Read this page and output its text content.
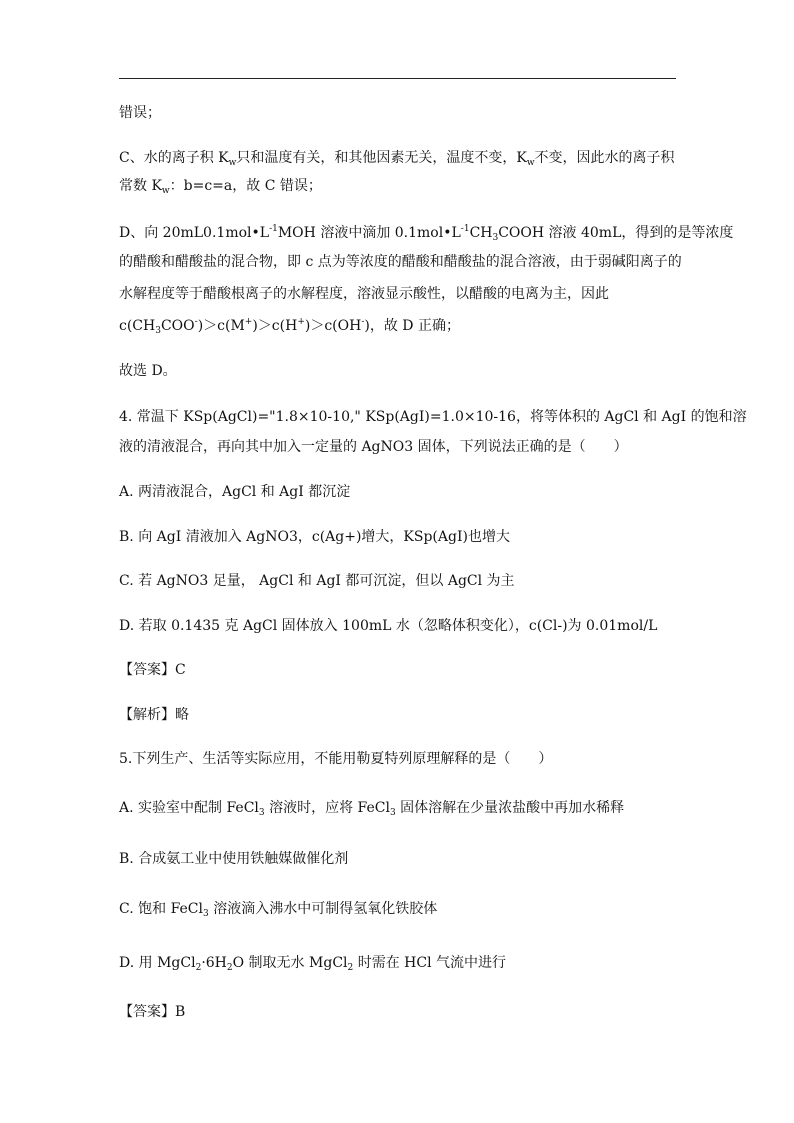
错误；
C、水的离子积 $K_w$只和温度有关，和其他因素无关，温度不变，$K_w$不变，因此水的离子积
常数 $K_w$：b=c=a，故 C 错误；
D、向 $20mL0.1mol•L^{-1}MOH$ 溶液中滴加 $0.1mol•L^{-1}CH_3COOH$ 溶液 40mL，得到的是等浓度
的醋酸和醋酸盐的混合物，即 c 点为等浓度的醋酸和醋酸盐的混合溶液，由于弱碱阳离子的
水解程度等于醋酸根离子的水解程度，溶液显示酸性，以醋酸的电离为主，因此
$c(CH_3COO^-)>c(M^+)>c(H^+)>c(OH^-)$，故 D 正确；
故选 D。
4. 常温下 KSp(AgCl)="1.8×10-10," KSp(AgI)=1.0×10-16，将等体积的 AgCl 和 AgI 的饱和溶
液的清液混合，再向其中加入一定量的 AgNO3 固体，下列说法正确的是（　　）
A. 两清液混合，AgCl 和 AgI 都沉淀
B. 向 AgI 清液加入 AgNO3，c(Ag+)增大，KSp(AgI)也增大
C. 若 AgNO3 足量， AgCl 和 AgI 都可沉淀，但以 AgCl 为主
D. 若取 0.1435 克 AgCl 固体放入 100mL 水（忽略体积变化），c(Cl-)为 0.01mol/L
【答案】C
【解析】略
5.下列生产、生活等实际应用，不能用勒夏特列原理解释的是（　　）
A. 实验室中配制 FeCl$_3$ 溶液时，应将 FeCl$_3$ 固体溶解在少量浓盐酸中再加水稀释
B. 合成氨工业中使用铁触媒做催化剂
C. 饱和 FeCl$_3$ 溶液滴入沸水中可制得氢氧化铁胶体
D. 用 $MgCl_2\cdot 6H_2O$ 制取无水 MgCl$_2$ 时需在 HCl 气流中进行
【答案】B
